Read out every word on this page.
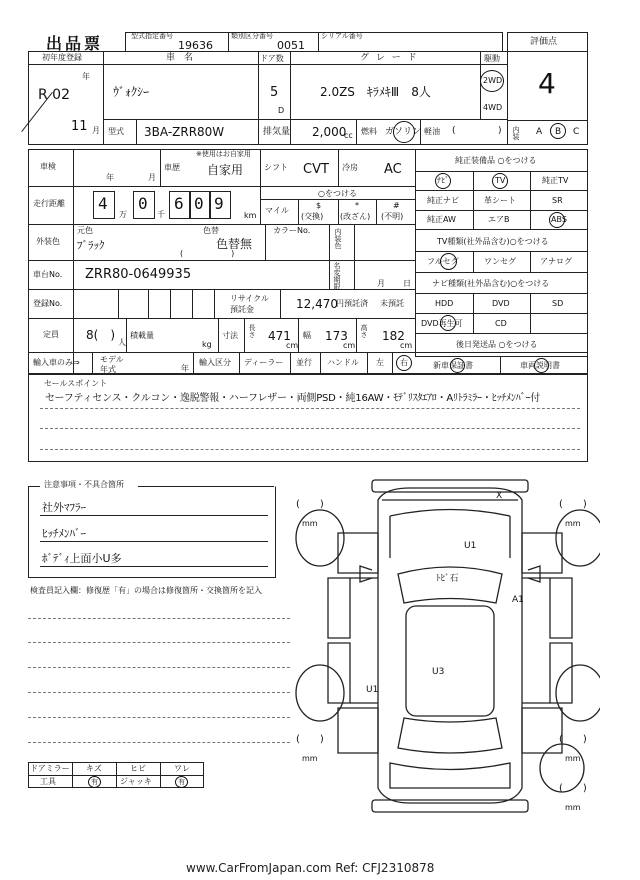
出品票	型式指定番号
19636
類別区分番号
0051
シリアル番号
評価点
4
初年度登録
年
R 02
11 月
車　名
ｳﾞｫｸｼｰ
ドア数
5
D
グ レ ー ド
2.0ZS　ｷﾗﾒｷⅢ　8人
駆動
2WD
4WD
型式 3BA-ZRR80W	排気量 2,000
cc 燃料 ガソリン 軽油 (	) 内装 A B C
車検
年	月
※使用はお自家用
車歴 自家用	シフト CVT 冷房 AC
走行距離 4
万
0
千
6 0 9
km
○をつける
マイル
$
(交換)
*
(改ざん)
#
(不明)
外装色
元色
ﾌﾞﾗｯｸ
色替
色替無
(　　　　　　)
カラーNo.	内装色
車台No. ZRR80-0649935	名変期限	月 日
登録No.
リサイクル預託金	12,470
円預託済 未預託
定員 8(　)
人
積載量
kg
寸法 長さ 471
cm
幅 173
cm
高さ 182
cm
輸入車のみ⇒	モデル年式	年
輸入区分 ディーラー 並行 ハンドル 左 右
純正装備品 ○をつける
ﾅﾋﾞ	TV	純正TV
純正ナビ	革シート	SR
純正AW	エアB	ABS
TV種類(社外品含む)○をつける
フルセグ	ワンセグ	アナログ
ナビ種類(社外品含む)○をつける
HDD	DVD	SD
DVD再生可	CD
後日発送品 ○をつける
新車保証書	車両説明書
セールスポイント
セーフティセンス・クルコン・逸脱警報・ハーフレザー・両側PSD・純16AW・ﾓﾃﾞﾘｽﾀｴｱﾛ・Aﾘﾄﾗﾐﾗｰ・ﾋｯﾁﾒﾝﾊﾞｰ付
注意事項・不具合箇所
社外ﾏﾌﾗｰ
ﾋｯﾁﾒﾝﾊﾞｰ
ﾎﾞﾃﾞｨ上面小U多
検査員記入欄：修復歴「有」の場合は修復箇所・交換箇所を記入
ドアミラー キズ	ヒビ	ワレ
工具	有	ジャッキ	有
(　　)
mm
(　　)
mm
(　　)
mm
(　　)
mm
(　　)
mm
X
U1
ﾄﾋﾞ石
A1
U3
U1
www.CarFromJapan.com Ref: CFJ2310878
